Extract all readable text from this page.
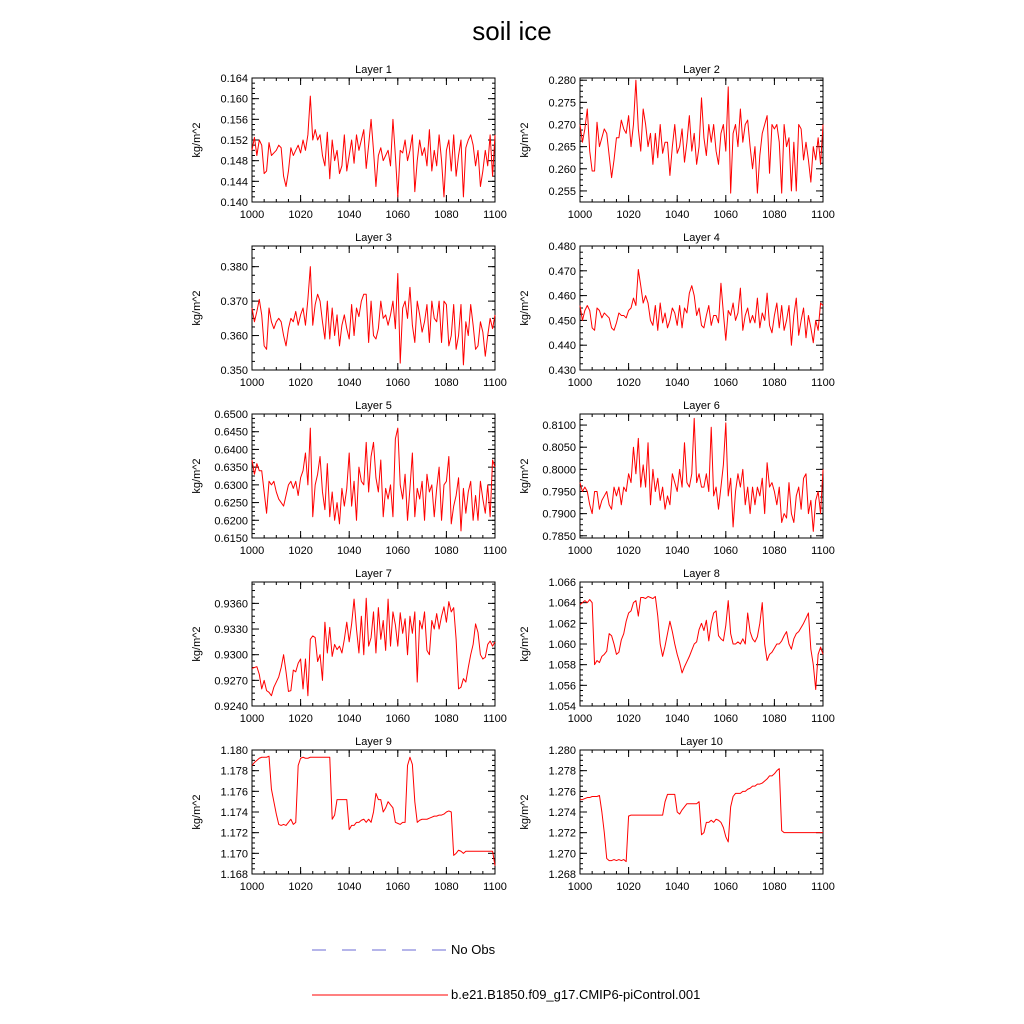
soil ice
Layer 1
kg/m^2
0.140
0.144
0.148
0.152
0.156
0.160
0.164
1000 1020 1040 1060 1080 1100
Layer 2
kg/m^2
0.255
0.260
0.265
0.270
0.275
0.280
1000 1020 1040 1060 1080 1100
Layer 3
kg/m^2
0.350
0.360
0.370
0.380
1000 1020 1040 1060 1080 1100
Layer 4
kg/m^2
0.430
0.440
0.450
0.460
0.470
0.480
1000 1020 1040 1060 1080 1100
Layer 5
kg/m^2
0.6150
0.6200
0.6250
0.6300
0.6350
0.6400
0.6450
0.6500
1000 1020 1040 1060 1080 1100
Layer 6
kg/m^2
0.7850
0.7900
0.7950
0.8000
0.8050
0.8100
1000 1020 1040 1060 1080 1100
Layer 7
kg/m^2
0.9240
0.9270
0.9300
0.9330
0.9360
1000 1020 1040 1060 1080 1100
Layer 8
kg/m^2
1.054
1.056
1.058
1.060
1.062
1.064
1.066
1000 1020 1040 1060 1080 1100
Layer 9
kg/m^2
1.168
1.170
1.172
1.174
1.176
1.178
1.180
1000 1020 1040 1060 1080 1100
Layer 10
kg/m^2
1.268
1.270
1.272
1.274
1.276
1.278
1.280
1000 1020 1040 1060 1080 1100
No Obs
b.e21.B1850.f09_g17.CMIP6-piControl.001
